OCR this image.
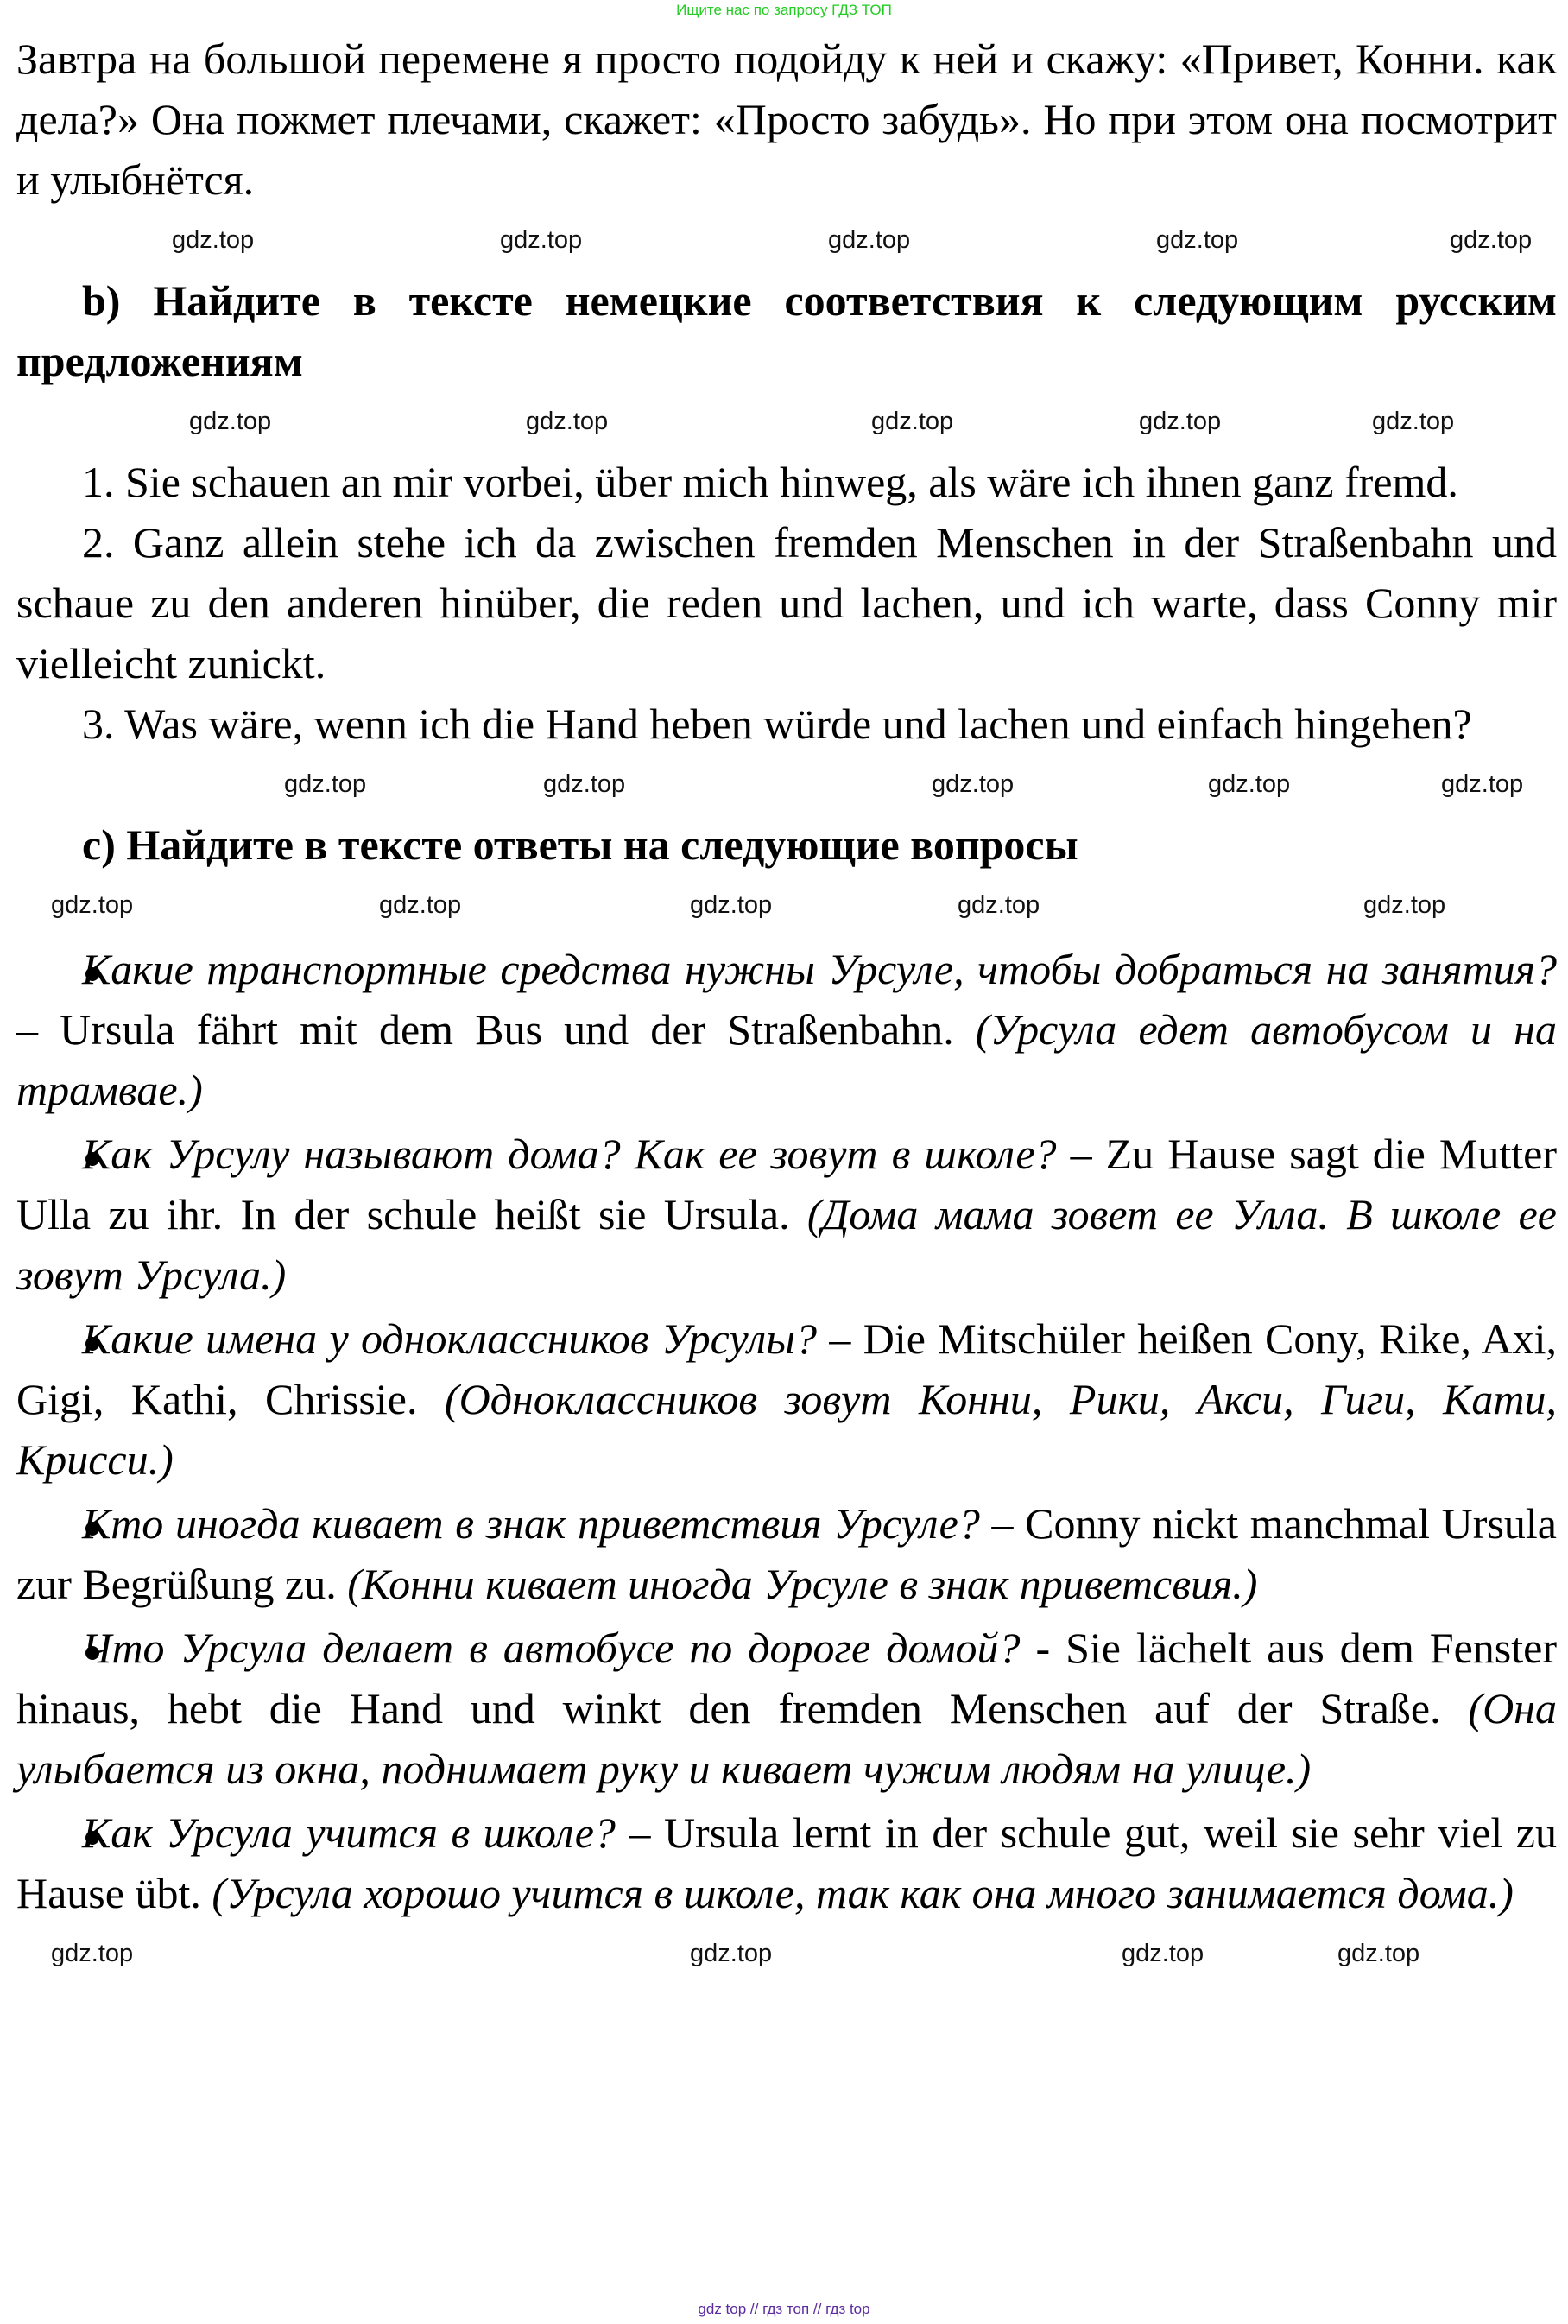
Ищите нас по запросу ГДЗ ТОП

Завтра на большой перемене я просто подойду к ней и скажу: «Привет, Конни. как дела?» Она пожмет плечами, скажет: «Просто забудь». Но при этом она посмотрит и улыбнётся.

gdz.top	gdz.top	gdz.top	gdz.top	gdz.top

b) Найдите в тексте немецкие соответствия к следующим русским предложениям

gdz.top	gdz.top	gdz.top	gdz.top
gdz.top

1. Sie schauen an mir vorbei, über mich hinweg, als wäre ich ihnen ganz fremd.

2. Ganz allein stehe ich da zwischen fremden Menschen in der Straßenbahn und schaue zu den anderen hinüber, die reden und lachen, und ich warte, dass Conny mir vielleicht zunickt.

3. Was wäre, wenn ich die Hand heben würde und lachen und einfach hingehen?

gdz.top	gdz.top	gdz.top	gdz.top	gdz.top

c) Найдите в тексте ответы на следующие вопросы

gdz.top	gdz.top	gdz.top	gdz.top	gdz.top

Какие транспортные средства нужны Урсуле, чтобы добраться на занятия? – Ursula fährt mit dem Bus und der Straßenbahn. (Урсула едет автобусом и на трамвае.)

Как Урсулу называют дома? Как ее зовут в школе? – Zu Hause sagt die Mutter Ulla zu ihr. In der schule heißt sie Ursula. (Дома мама зовет ее Улла. В школе ее зовут Урсула.)

Какие имена у одноклассников Урсулы? – Die Mitschüler heißen Cony, Rike, Axi, Gigi, Kathi, Chrissie. (Одноклассников зовут Конни, Рики, Акси, Гиги, Кати, Крисси.)

Кто иногда кивает в знак приветствия Урсуле? – Conny nickt manchmal Ursula zur Begrüßung zu. (Конни кивает иногда Урсуле в знак приветсвия.)

Что Урсула делает в автобусе по дороге домой? - Sie lächelt aus dem Fenster hinaus, hebt die Hand und winkt den fremden Menschen auf der Straße. (Она улыбается из окна, поднимает руку и кивает чужим людям на улице.)

Как Урсула учится в школе? – Ursula lernt in der schule gut, weil sie sehr viel zu Hause übt. (Урсула хорошо учится в школе, так как она много занимается дома.)

gdz.top	gdz.top	gdz.top	gdz.top
gdz top // гдз топ // гдз top
